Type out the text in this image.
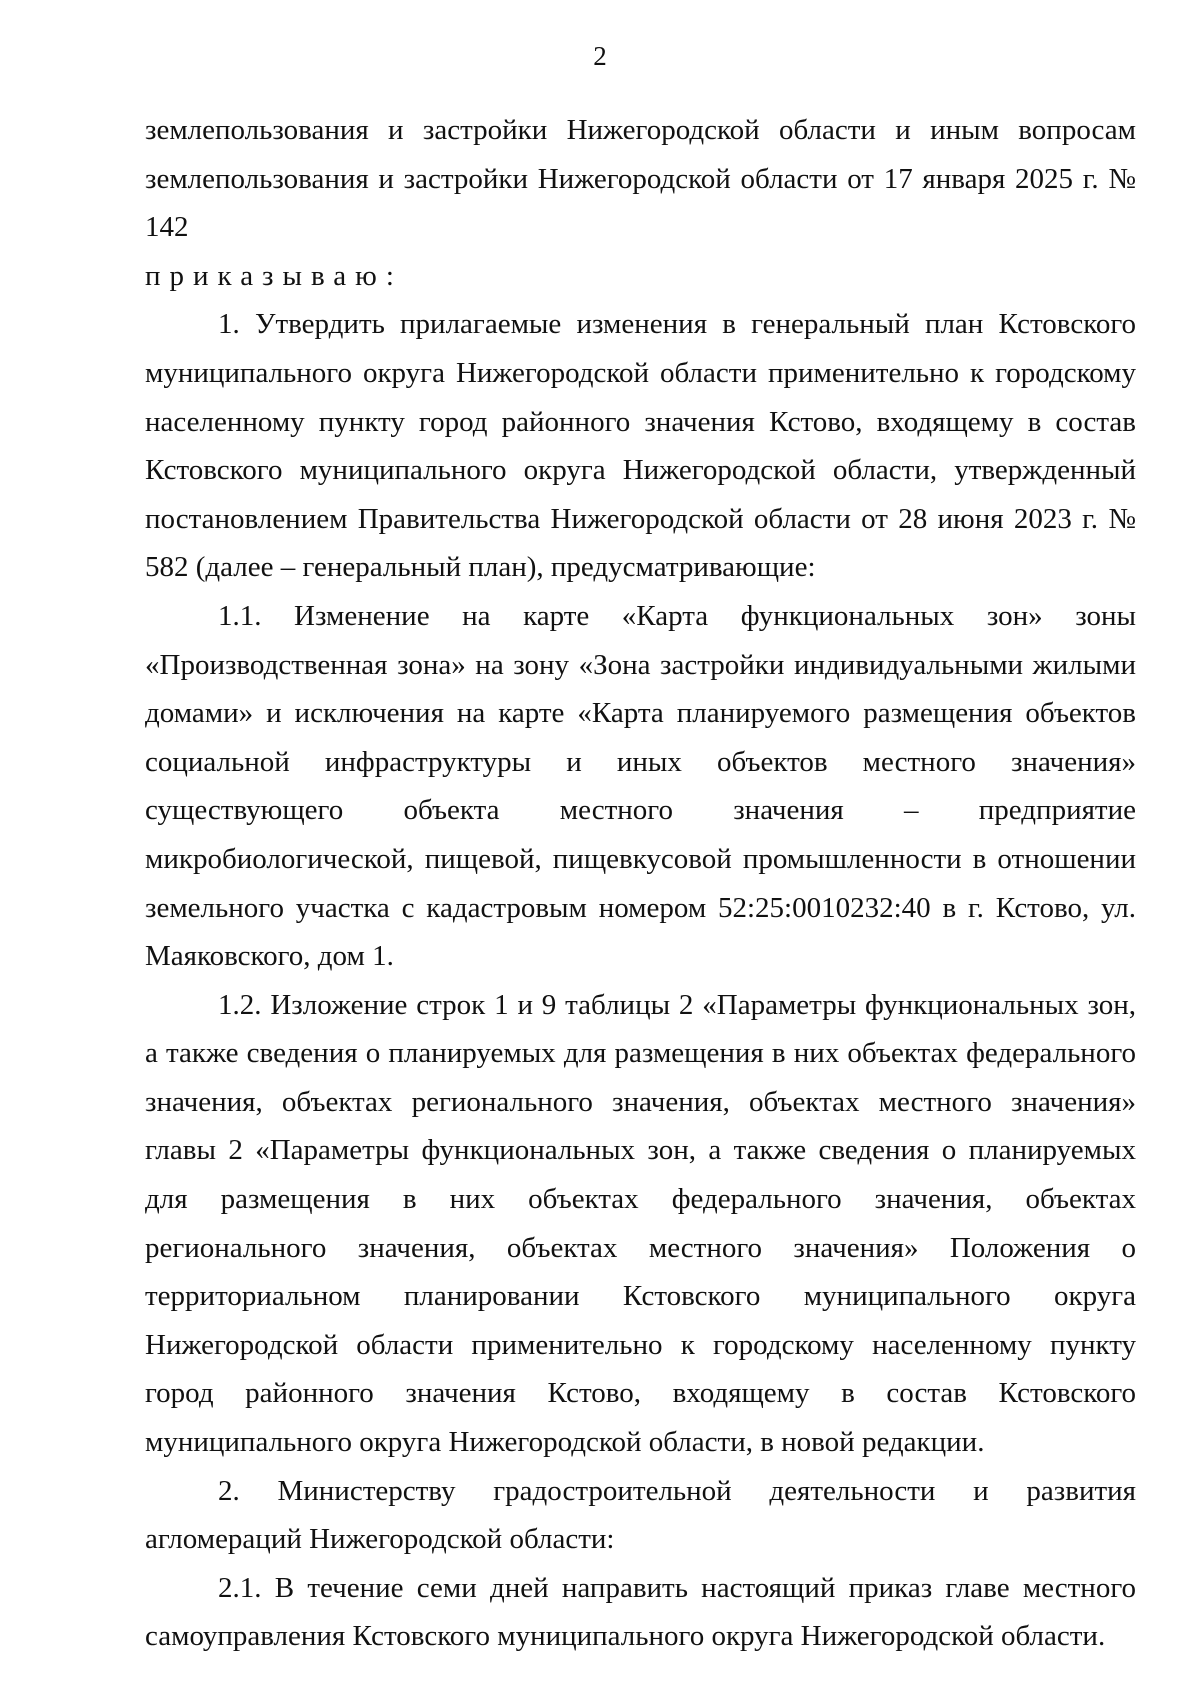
2

землепользования и застройки Нижегородской области и иным вопросам землепользования и застройки Нижегородской области от 17 января 2025 г. № 142

приказываю:

1. Утвердить прилагаемые изменения в генеральный план Кстовского муниципального округа Нижегородской области применительно к городскому населенному пункту город районного значения Кстово, входящему в состав Кстовского муниципального округа Нижегородской области, утвержденный постановлением Правительства Нижегородской области от 28 июня 2023 г. № 582 (далее – генеральный план), предусматривающие:

1.1. Изменение на карте «Карта функциональных зон» зоны «Производственная зона» на зону «Зона застройки индивидуальными жилыми домами» и исключения на карте «Карта планируемого размещения объектов социальной инфраструктуры и иных объектов местного значения» существующего объекта местного значения – предприятие микробиологической, пищевой, пищевкусовой промышленности в отношении земельного участка с кадастровым номером 52:25:0010232:40 в г. Кстово, ул. Маяковского, дом 1.

1.2. Изложение строк 1 и 9 таблицы 2 «Параметры функциональных зон, а также сведения о планируемых для размещения в них объектах федерального значения, объектах регионального значения, объектах местного значения» главы 2 «Параметры функциональных зон, а также сведения о планируемых для размещения в них объектах федерального значения, объектах регионального значения, объектах местного значения» Положения о территориальном планировании Кстовского муниципального округа Нижегородской области применительно к городскому населенному пункту город районного значения Кстово, входящему в состав Кстовского муниципального округа Нижегородской области, в новой редакции.

2. Министерству градостроительной деятельности и развития агломераций Нижегородской области:

2.1. В течение семи дней направить настоящий приказ главе местного самоуправления Кстовского муниципального округа Нижегородской области.
